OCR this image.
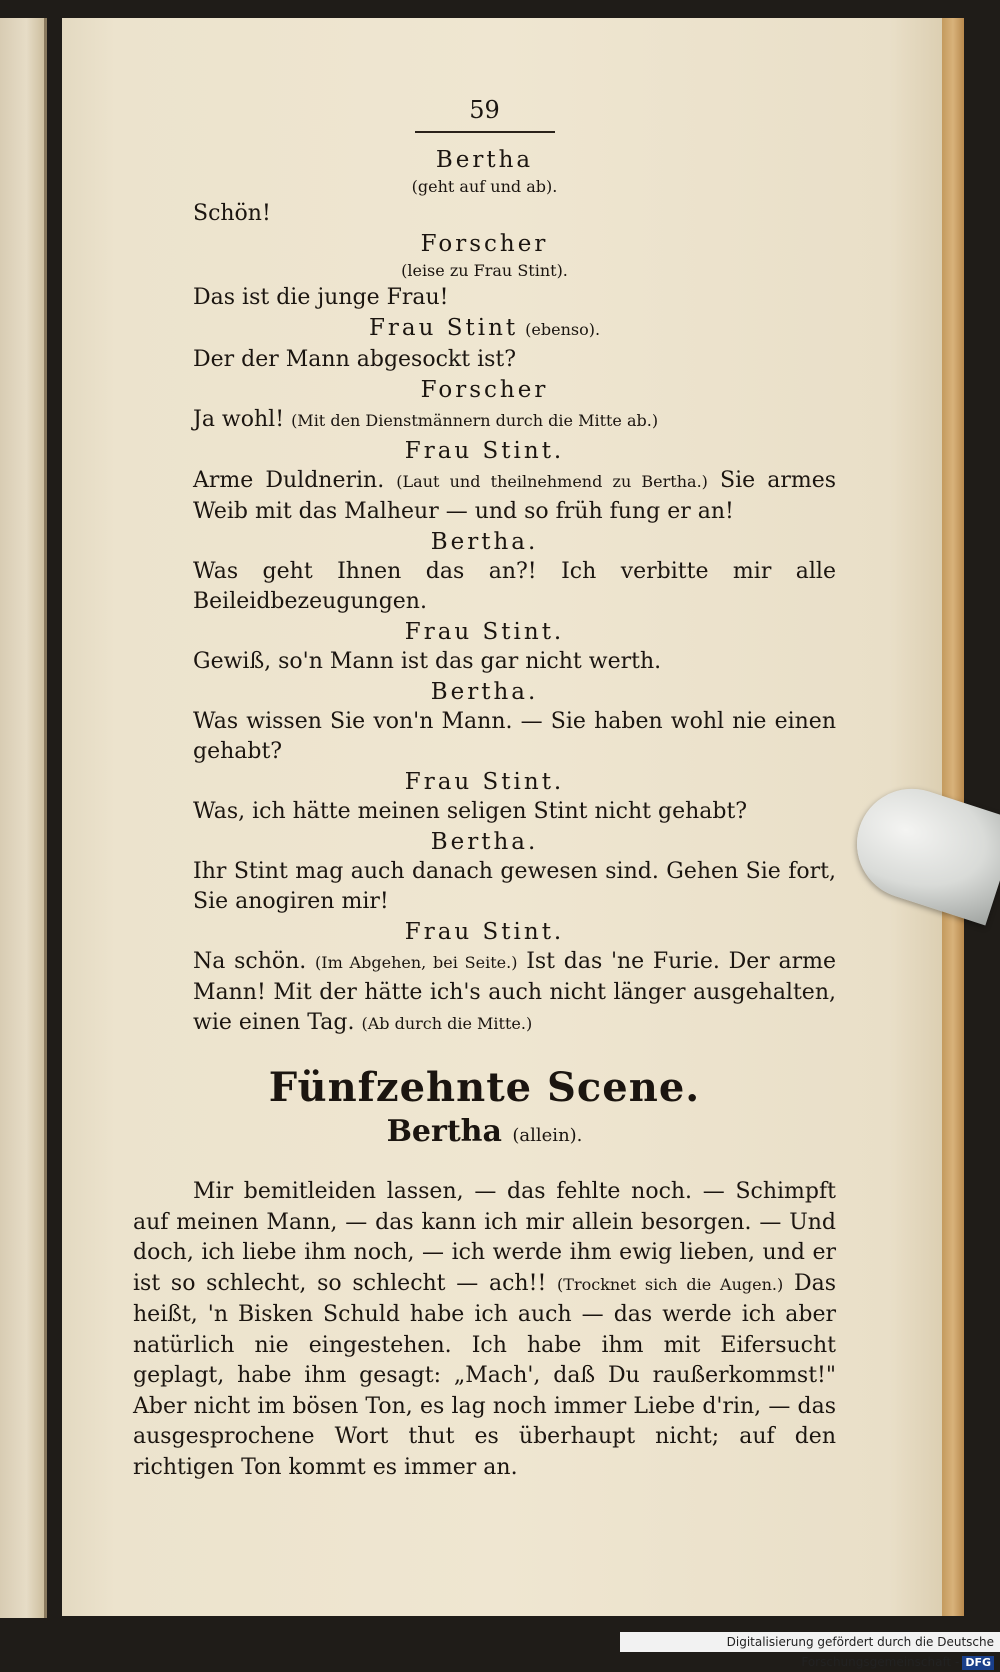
59
Bertha
(geht auf und ab).

Schön!

Forscher
(leise zu Frau Stint).

Das ist die junge Frau!

Frau Stint (ebenso).

Der der Mann abgesockt ist?

Forscher

Ja wohl! (Mit den Dienstmännern durch die Mitte ab.)

Frau Stint.

Arme Duldnerin. (Laut und theilnehmend zu Bertha.) Sie armes Weib mit das Malheur — und so früh fung er an!

Bertha.

Was geht Ihnen das an?! Ich verbitte mir alle Beileidbezeugungen.

Frau Stint.

Gewiß, so'n Mann ist das gar nicht werth.

Bertha.

Was wissen Sie von'n Mann. — Sie haben wohl nie einen gehabt?

Frau Stint.

Was, ich hätte meinen seligen Stint nicht gehabt?

Bertha.

Ihr Stint mag auch danach gewesen sind. Gehen Sie fort, Sie anogiren mir!

Frau Stint.

Na schön. (Im Abgehen, bei Seite.) Ist das 'ne Furie. Der arme Mann! Mit der hätte ich's auch nicht länger ausgehalten, wie einen Tag. (Ab durch die Mitte.)

Fünfzehnte Scene.
Bertha (allein).

Mir bemitleiden lassen, — das fehlte noch. — Schimpft auf meinen Mann, — das kann ich mir allein besorgen. — Und doch, ich liebe ihm noch, — ich werde ihm ewig lieben, und er ist so schlecht, so schlecht — ach!! (Trocknet sich die Augen.) Das heißt, 'n Bisken Schuld habe ich auch — das werde ich aber natürlich nie eingestehen. Ich habe ihm mit Eifersucht geplagt, habe ihm gesagt: „Mach', daß Du raußerkommst!" Aber nicht im bösen Ton, es lag noch immer Liebe d'rin, — das ausgesprochene Wort thut es überhaupt nicht; auf den richtigen Ton kommt es immer an.

Digitalisierung gefördert durch die Deutsche Forschungsgemeinschaft - DFG
